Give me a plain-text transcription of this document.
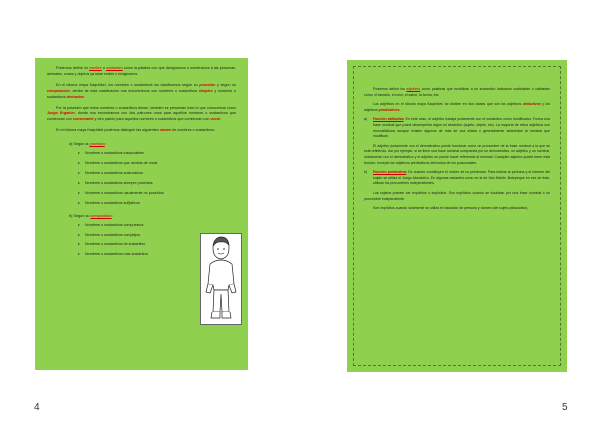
Podemos definir un nombre o sustantivo como la palabra con que designamos o nombramos a las personas, animales, cosas y objetos ya sean reales o imaginarios.

En el idioma maya Kaqchikel, los nombres o sustantivos los clasificamos según su posesión y según su composición, dentro de esta clasificación nos encontramos con nombres o sustantivos simples y nombres o sustantivos derivados.

Por la posesión que estos nombres o sustantivos tienen, también se presentan todo lo que conocemos como Juego Ergativo, donde nos encontramos con dos patrones unos para aquellos nombres o sustantivos que comienzan con consonante y otro patrón para aquellos nombres o sustantivos que comienzan con vocal.

En el idioma maya Kaqchikel podemos distinguir las siguientes clases de nombres o sustantivos:

a) Según la posesión:
♦ Nombres o sustantivos inasociables
♦ Nombres o sustantivos que cambia de vocal
♦ Nombres o sustantivos sustractivos
♦ Nombres o sustantivos siempre poseídos
♦ Nombres o sustantivos usualmente no poseídos
♦ Nombres o sustantivos sufijativos
b) Según su composición:
♦ Nombres o sustantivos compuestos
♦ Nombres o sustantivos complejos
♦ Nombres o sustantivos de sustantivo
♦ Nombres o sustantivos más sustantivo
4

Podemos definir los adjetivos como palabras que modifican a un sustantivo indicando cualidades o calidades como: el tamaño, el color, el sabor, la forma, etc.

Los adjetivos en el idioma maya Kaqchikel, se dividen en dos clases que son los adjetivos atributivos y los adjetivos predicativos.

a)	Función atributiva: En este caso, el adjetivo trabaja juntamente con el sustantivo como modificador. Forma una frase nominal que podrá desempeñar algún rol sintáctico (sujeto, objeto, etc). La mayoría de estos adjetivos son monosilábicos aunque existen algunos de más de una sílaba o generalmente antecedan al nominal que modifican.

El adjetivo juntamente con el demostrativo puede funcionar como un pronombre de la frase nominal a la que se está refiriendo. Así por ejemplo, si se tiene una frase nominal compuesta por un demostrativo, un adjetivo y un nominal, únicamente con el demostrativo y el adjetivo se puede hacer referencia al nominal. Cualquier adjetivo puede tener esta función, excepto los adjetivos predicativos derivados de los posicionales.

b)	Función predicativa: Es cuando constituyen el núcleo de un predicado. Para indicar la persona y el número del sujeto se utiliza el Juego Absolutivo. En algunas variantes como en la de San Martín Jilotepeque en vez de éste, utilizan los pronombres independientes.

Los sujetos pueden ser explícitos o implícitos. Son explícitos cuando se focalizan por una frase nominal o un pronombre independiente.

Son implícitos cuando solamente se utiliza el marcador de persona y número del sujeto (absolutivo).

5
